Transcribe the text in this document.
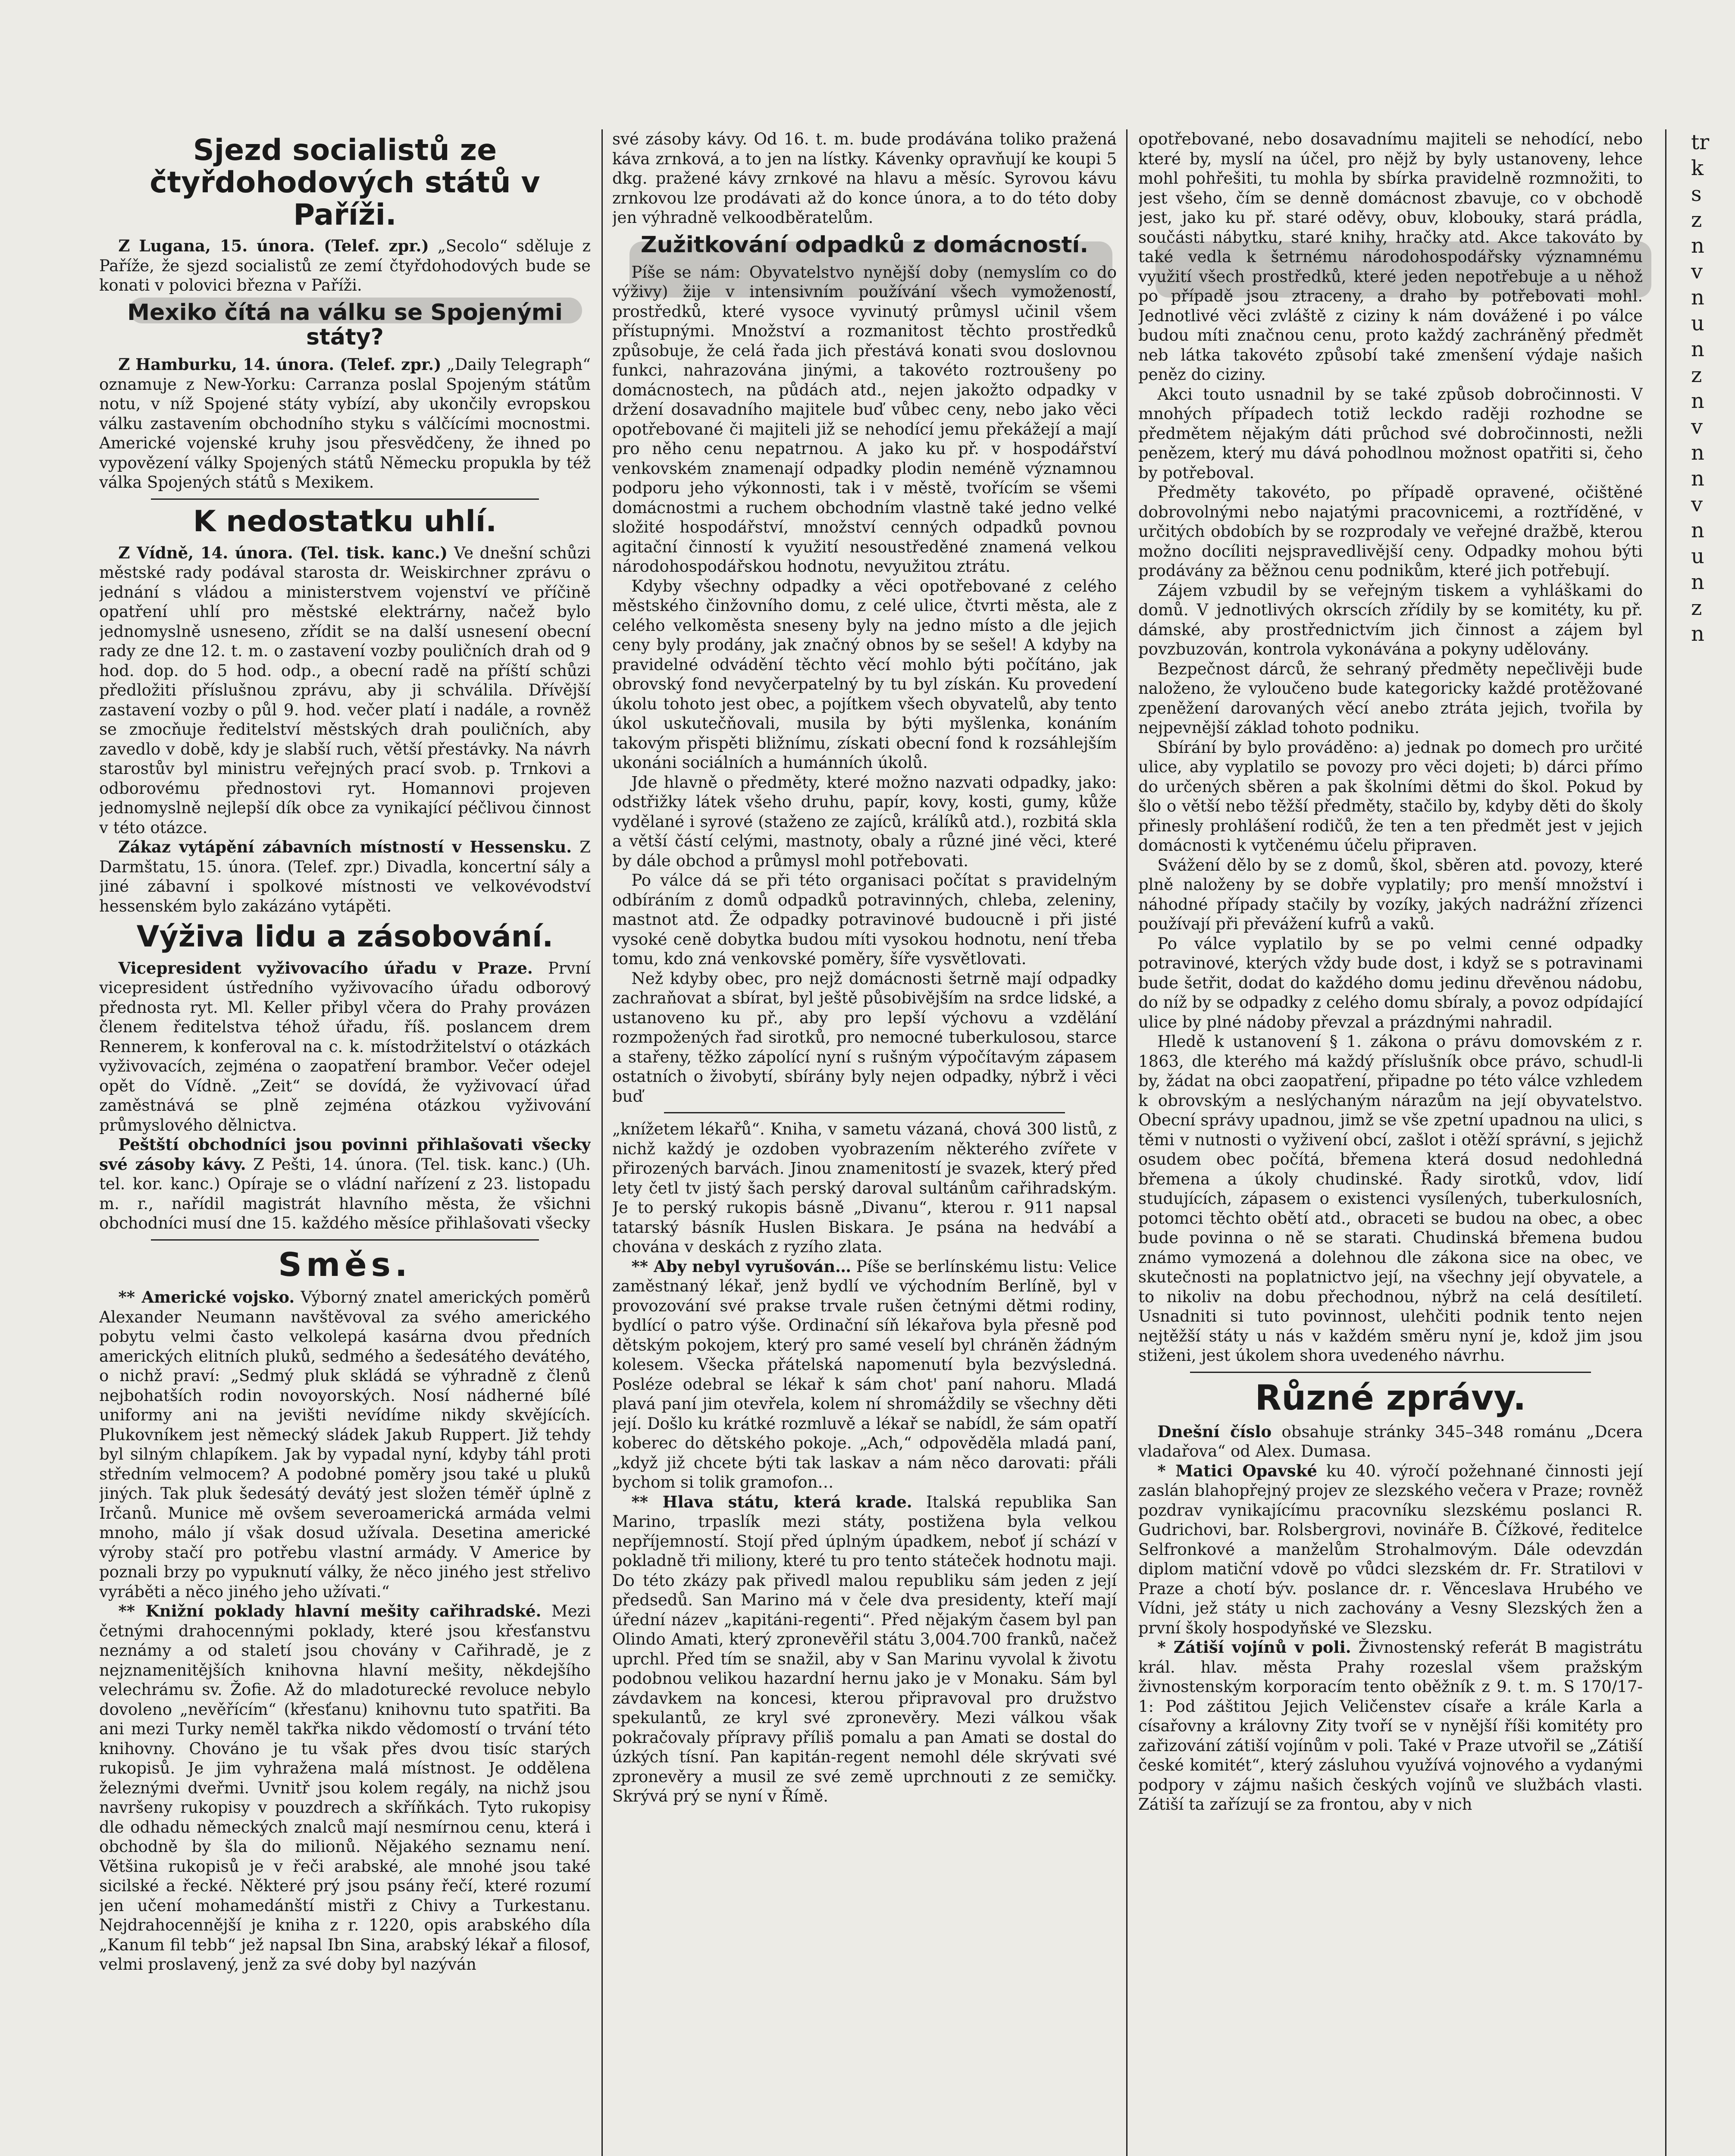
Sjezd socialistů ze čtyřdohodových států v Paříži.

Z Lugana, 15. února. (Telef. zpr.) „Secolo“ sděluje z Paříže, že sjezd socialistů ze zemí čtyřdohodových bude se konati v polovici března v Paříži.

Mexiko čítá na válku se Spojenými státy?

Z Hamburku, 14. února. (Telef. zpr.) „Daily Telegraph“ oznamuje z New-Yorku: Carranza poslal Spojeným státům notu, v níž Spojené státy vybízí, aby ukončily evropskou válku zastavením obchodního styku s válčícími mocnostmi. Americké vojenské kruhy jsou přesvědčeny, že ihned po vypovězení války Spojených států Německu propukla by též válka Spojených států s Mexikem.

K nedostatku uhlí.

Z Vídně, 14. února. (Tel. tisk. kanc.) Ve dnešní schůzi městské rady podával starosta dr. Weiskirchner zprávu o jednání s vládou a ministerstvem vojenství ve příčině opatření uhlí pro městské elektrárny, načež bylo jednomyslně usneseno, zřídit se na další usnesení obecní rady ze dne 12. t. m. o zastavení vozby pouličních drah od 9 hod. dop. do 5 hod. odp., a obecní radě na příští schůzi předložiti příslušnou zprávu, aby ji schválila. Dřívější zastavení vozby o půl 9. hod. večer platí i nadále, a rovněž se zmocňuje ředitelství městských drah pouličních, aby zavedlo v době, kdy je slabší ruch, větší přestávky. Na návrh starostův byl ministru veřejných prací svob. p. Trnkovi a odborovému přednostovi ryt. Homannovi projeven jednomyslně nejlepší dík obce za vynikající péčlivou činnost v této otázce.

Zákaz vytápění zábavních místností v Hessensku. Z Darmštatu, 15. února. (Telef. zpr.) Divadla, koncertní sály a jiné zábavní i spolkové místnosti ve velkovévodství hessenském bylo zakázáno vytápěti.

Výživa lidu a zásobování.

Vicepresident vyživovacího úřadu v Praze. První vicepresident ústředního vyživovacího úřadu odborový přednosta ryt. Ml. Keller přibyl včera do Prahy provázen členem ředitelstva téhož úřadu, říš. poslancem drem Rennerem, k konferoval na c. k. místodržitelství o otázkách vyživovacích, zejména o zaopatření brambor. Večer odejel opět do Vídně. „Zeit“ se dovídá, že vyživovací úřad zaměstnává se plně zejména otázkou vyživování průmyslového dělnictva.

Peštští obchodníci jsou povinni přihlašovati všecky své zásoby kávy. Z Pešti, 14. února. (Tel. tisk. kanc.) (Uh. tel. kor. kanc.) Opíraje se o vládní nařízení z 23. listopadu m. r., nařídil magistrát hlavního města, že všichni obchodníci musí dne 15. každého měsíce přihlašovati všecky

Směs.

** Americké vojsko. Výborný znatel amerických poměrů Alexander Neumann navštěvoval za svého amerického pobytu velmi často velkolepá kasárna dvou předních amerických elitních pluků, sedmého a šedesátého devátého, o nichž praví: „Sedmý pluk skládá se výhradně z členů nejbohatších rodin novoyorských. Nosí nádherné bílé uniformy ani na jevišti nevídíme nikdy skvějících. Plukovníkem jest německý sládek Jakub Ruppert. Již tehdy byl silným chlapíkem. Jak by vypadal nyní, kdyby táhl proti středním velmocem? A podobné poměry jsou také u pluků jiných. Tak pluk šedesátý devátý jest složen téměř úplně z Irčanů. Munice mě ovšem severoamerická armáda velmi mnoho, málo jí však dosud užívala. Desetina americké výroby stačí pro potřebu vlastní armády. V Americe by poznali brzy po vypuknutí války, že něco jiného jest střelivo vyráběti a něco jiného jeho užívati.“

** Knižní poklady hlavní mešity cařihradské. Mezi četnými drahocennými poklady, které jsou křesťanstvu neznámy a od staletí jsou chovány v Cařihradě, je z nejznamenitějších knihovna hlavní mešity, někdejšího velechrámu sv. Žofie. Až do mladoturecké revoluce nebylo dovoleno „nevěřícím“ (křesťanu) knihovnu tuto spatřiti. Ba ani mezi Turky neměl takřka nikdo vědomostí o trvání této knihovny. Chováno je tu však přes dvou tisíc starých rukopisů. Je jim vyhražena malá místnost. Je oddělena železnými dveřmi. Uvnitř jsou kolem regály, na nichž jsou navršeny rukopisy v pouzdrech a skříňkách. Tyto rukopisy dle odhadu německých znalců mají nesmírnou cenu, která i obchodně by šla do milionů. Nějakého seznamu není. Většina rukopisů je v řeči arabské, ale mnohé jsou také sicilské a řecké. Některé prý jsou psány řečí, které rozumí jen učení mohamedánští mistři z Chivy a Turkestanu. Nejdrahocennější je kniha z r. 1220, opis arabského díla „Kanum fil tebb“ jež napsal Ibn Sina, arabský lékař a filosof, velmi proslavený, jenž za své doby byl nazýván

své zásoby kávy. Od 16. t. m. bude prodávána toliko pražená káva zrnková, a to jen na lístky. Kávenky opravňují ke koupi 5 dkg. pražené kávy zrnkové na hlavu a měsíc. Syrovou kávu zrnkovou lze prodávati až do konce února, a to do této doby jen výhradně velkoodběratelům.

Zužitkování odpadků z domácností.

Píše se nám: Obyvatelstvo nynější doby (nemyslím co do výživy) žije v intensivním používání všech vymožeností, prostředků, které vysoce vyvinutý průmysl učinil všem přístupnými. Množství a rozmanitost těchto prostředků způsobuje, že celá řada jich přestává konati svou doslovnou funkci, nahrazována jinými, a takovéto roztroušeny po domácnostech, na půdách atd., nejen jakožto odpadky v držení dosavadního majitele buď vůbec ceny, nebo jako věci opotřebované či majiteli již se nehodící jemu překážejí a mají pro něho cenu nepatrnou. A jako ku př. v hospodářství venkovském znamenají odpadky plodin neméně významnou podporu jeho výkonnosti, tak i v městě, tvořícím se všemi domácnostmi a ruchem obchodním vlastně také jedno velké složité hospodářství, množství cenných odpadků povnou agitační činností k využití nesoustředěné znamená velkou národohospodářskou hodnotu, nevyužitou ztrátu.

Kdyby všechny odpadky a věci opotřebované z celého městského činžovního domu, z celé ulice, čtvrti města, ale z celého velkoměsta sneseny byly na jedno místo a dle jejich ceny byly prodány, jak značný obnos by se sešel! A kdyby na pravidelné odvádění těchto věcí mohlo býti počítáno, jak obrovský fond nevyčerpatelný by tu byl získán. Ku provedení úkolu tohoto jest obec, a pojítkem všech obyvatelů, aby tento úkol uskutečňovali, musila by býti myšlenka, konáním takovým přispěti bližnímu, získati obecní fond k rozsáhlejším ukonáni sociálních a humánních úkolů.

Jde hlavně o předměty, které možno nazvati odpadky, jako: odstřižky látek všeho druhu, papír, kovy, kosti, gumy, kůže vydělané i syrové (staženo ze zajíců, králíků atd.), rozbitá skla a větší částí celými, mastnoty, obaly a různé jiné věci, které by dále obchod a průmysl mohl potřebovati.

Po válce dá se při této organisaci počítat s pravidelným odbíráním z domů odpadků potravinných, chleba, zeleniny, mastnot atd. Že odpadky potravinové budoucně i při jisté vysoké ceně dobytka budou míti vysokou hodnotu, není třeba tomu, kdo zná venkovské poměry, šíře vysvětlovati.

Než kdyby obec, pro nejž domácnosti šetrně mají odpadky zachraňovat a sbírat, byl ještě působivějším na srdce lidské, a ustanoveno ku př., aby pro lepší výchovu a vzdělání rozmpožených řad sirotků, pro nemocné tuberkulosou, starce a stařeny, těžko zápolící nyní s rušným výpočítavým zápasem ostatních o živobytí, sbírány byly nejen odpadky, nýbrž i věci buď

„knížetem lékařů“. Kniha, v sametu vázaná, chová 300 listů, z nichž každý je ozdoben vyobrazením některého zvířete v přirozených barvách. Jinou znamenitostí je svazek, který před lety četl tv jistý šach perský daroval sultánům cařihradským. Je to perský rukopis básně „Divanu“, kterou r. 911 napsal tatarský básník Huslen Biskara. Je psána na hedvábí a chována v deskách z ryzího zlata.

** Aby nebyl vyrušován… Píše se berlínskému listu: Velice zaměstnaný lékař, jenž bydlí ve východním Berlíně, byl v provozování své prakse trvale rušen četnými dětmi rodiny, bydlící o patro výše. Ordinační síň lékařova byla přesně pod dětským pokojem, který pro samé veselí byl chráněn žádným kolesem. Všecka přátelská napomenutí byla bezvýsledná. Posléze odebral se lékař k sám chot' paní nahoru. Mladá plavá paní jim otevřela, kolem ní shromáždily se všechny děti její. Došlo ku krátké rozmluvě a lékař se nabídl, že sám opatří koberec do dětského pokoje. „Ach,“ odpověděla mladá paní, „když již chcete býti tak laskav a nám něco darovati: přáli bychom si tolik gramofon…

** Hlava státu, která krade. Italská republika San Marino, trpaslík mezi státy, postižena byla velkou nepříjemností. Stojí před úplným úpadkem, neboť jí schází v pokladně tři miliony, které tu pro tento státeček hodnotu maji. Do této zkázy pak přivedl malou republiku sám jeden z její předsedů. San Marino má v čele dva presidenty, kteří mají úřední název „kapitáni-regenti“. Před nějakým časem byl pan Olindo Amati, který zpronevěřil státu 3,004.700 franků, načež uprchl. Před tím se snažil, aby v San Marinu vyvolal k životu podobnou velikou hazardní hernu jako je v Monaku. Sám byl závdavkem na koncesi, kterou připravoval pro družstvo spekulantů, ze kryl své zpronevěry. Mezi válkou však pokračovaly přípravy příliš pomalu a pan Amati se dostal do úzkých tísní. Pan kapitán-regent nemohl déle skrývati své zpronevěry a musil ze své země uprchnouti z ze semičky. Skrývá prý se nyní v Římě.

opotřebované, nebo dosavadnímu majiteli se nehodící, nebo které by, myslí na účel, pro nějž by byly ustanoveny, lehce mohl pohřešiti, tu mohla by sbírka pravidelně rozmnožiti, to jest všeho, čím se denně domácnost zbavuje, co v obchodě jest, jako ku př. staré oděvy, obuv, klobouky, stará prádla, součásti nábytku, staré knihy, hračky atd. Akce takováto by také vedla k šetrnému národohospodářsky významnému využití všech prostředků, které jeden nepotřebuje a u něhož po případě jsou ztraceny, a draho by potřebovati mohl. Jednotlivé věci zvláště z ciziny k nám dovážené i po válce budou míti značnou cenu, proto každý zachráněný předmět neb látka takovéto způsobí také zmenšení výdaje našich peněz do ciziny.

Akci touto usnadnil by se také způsob dobročinnosti. V mnohých případech totiž leckdo raději rozhodne se předmětem nějakým dáti průchod své dobročinnosti, nežli penězem, který mu dává pohodlnou možnost opatřiti si, čeho by potřeboval.

Předměty takovéto, po případě opravené, očištěné dobrovolnými nebo najatými pracovnicemi, a roztříděné, v určitých obdobích by se rozprodaly ve veřejné dražbě, kterou možno docíliti nejspravedlivější ceny. Odpadky mohou býti prodávány za běžnou cenu podnikům, které jich potřebují.

Zájem vzbudil by se veřejným tiskem a vyhláškami do domů. V jednotlivých okrscích zřídily by se komitéty, ku př. dámské, aby prostřednictvím jich činnost a zájem byl povzbuzován, kontrola vykonávána a pokyny udělovány.

Bezpečnost dárců, že sehraný předměty nepečlivěji bude naloženo, že vyloučeno bude kategoricky každé protěžované zpeněžení darovaných věcí anebo ztráta jejich, tvořila by nejpevnější základ tohoto podniku.

Sbírání by bylo prováděno: a) jednak po domech pro určité ulice, aby vyplatilo se povozy pro věci dojeti; b) dárci přímo do určených sběren a pak školními dětmi do škol. Pokud by šlo o větší nebo těžší předměty, stačilo by, kdyby děti do školy přinesly prohlášení rodičů, že ten a ten předmět jest v jejich domácnosti k vytčenému účelu připraven.

Svážení dělo by se z domů, škol, sběren atd. povozy, které plně naloženy by se dobře vyplatily; pro menší množství i náhodné případy stačily by vozíky, jakých nadrážní zřízenci používají při převážení kufrů a vaků.

Po válce vyplatilo by se po velmi cenné odpadky potravinové, kterých vždy bude dost, i když se s potravinami bude šetřit, dodat do každého domu jedinu dřevěnou nádobu, do níž by se odpadky z celého domu sbíraly, a povoz odpídající ulice by plné nádoby převzal a prázdnými nahradil.

Hledě k ustanovení § 1. zákona o právu domovském z r. 1863, dle kterého má každý příslušník obce právo, schudl-li by, žádat na obci zaopatření, připadne po této válce vzhledem k obrovským a neslýchaným nárazům na její obyvatelstvo. Obecní správy upadnou, jimž se vše zpetní upadnou na ulici, s těmi v nutnosti o vyživení obcí, zašlot i otěží správní, s jejichž osudem obec počítá, břemena která dosud nedohledná břemena a úkoly chudinské. Řady sirotků, vdov, lidí studujících, zápasem o existenci vysílených, tuberkulosních, potomci těchto obětí atd., obraceti se budou na obec, a obec bude povinna o ně se starati. Chudinská břemena budou známo vymozená a dolehnou dle zákona sice na obec, ve skutečnosti na poplatnictvo její, na všechny její obyvatele, a to nikoliv na dobu přechodnou, nýbrž na celá desítiletí. Usnadniti si tuto povinnost, ulehčiti podnik tento nejen nejtěžší státy u nás v každém směru nyní je, kdož jim jsou stiženi, jest úkolem shora uvedeného návrhu.

Různé zprávy.

Dnešní číslo obsahuje stránky 345–348 románu „Dcera vladařova“ od Alex. Dumasa.

* Matici Opavské ku 40. výročí požehnané činnosti její zaslán blahopřejný projev ze slezského večera v Praze; rovněž pozdrav vynikajícímu pracovníku slezskému poslanci R. Gudrichovi, bar. Rolsbergrovi, novináře B. Čížkové, ředitelce Selfronkové a manželům Strohalmovým. Dále odevzdán diplom matiční vdově po vůdci slezském dr. Fr. Stratilovi v Praze a chotí býv. poslance dr. r. Věnceslava Hrubého ve Vídni, jež státy u nich zachovány a Vesny Slezských žen a první školy hospodyňské ve Slezsku.

* Zátiší vojínů v poli. Živnostenský referát B magistrátu král. hlav. města Prahy rozeslal všem pražským živnostenským korporacím tento oběžník z 9. t. m. S 170/17-1: Pod záštitou Jejich Veličenstev císaře a krále Karla a císařovny a královny Zity tvoří se v nynější říši komitéty pro zařizování zátiší vojínům v poli. Také v Praze utvořil se „Zátiší české komitét“, který zásluhou využívá vojnového a vydanými podpory v zájmu našich českých vojínů ve službách vlasti. Zátiší ta zařízují se za frontou, aby v nich

tr
k
s
z
n
v
n
u
n
z
n
v
n
n
v
n
u
n
z
n
